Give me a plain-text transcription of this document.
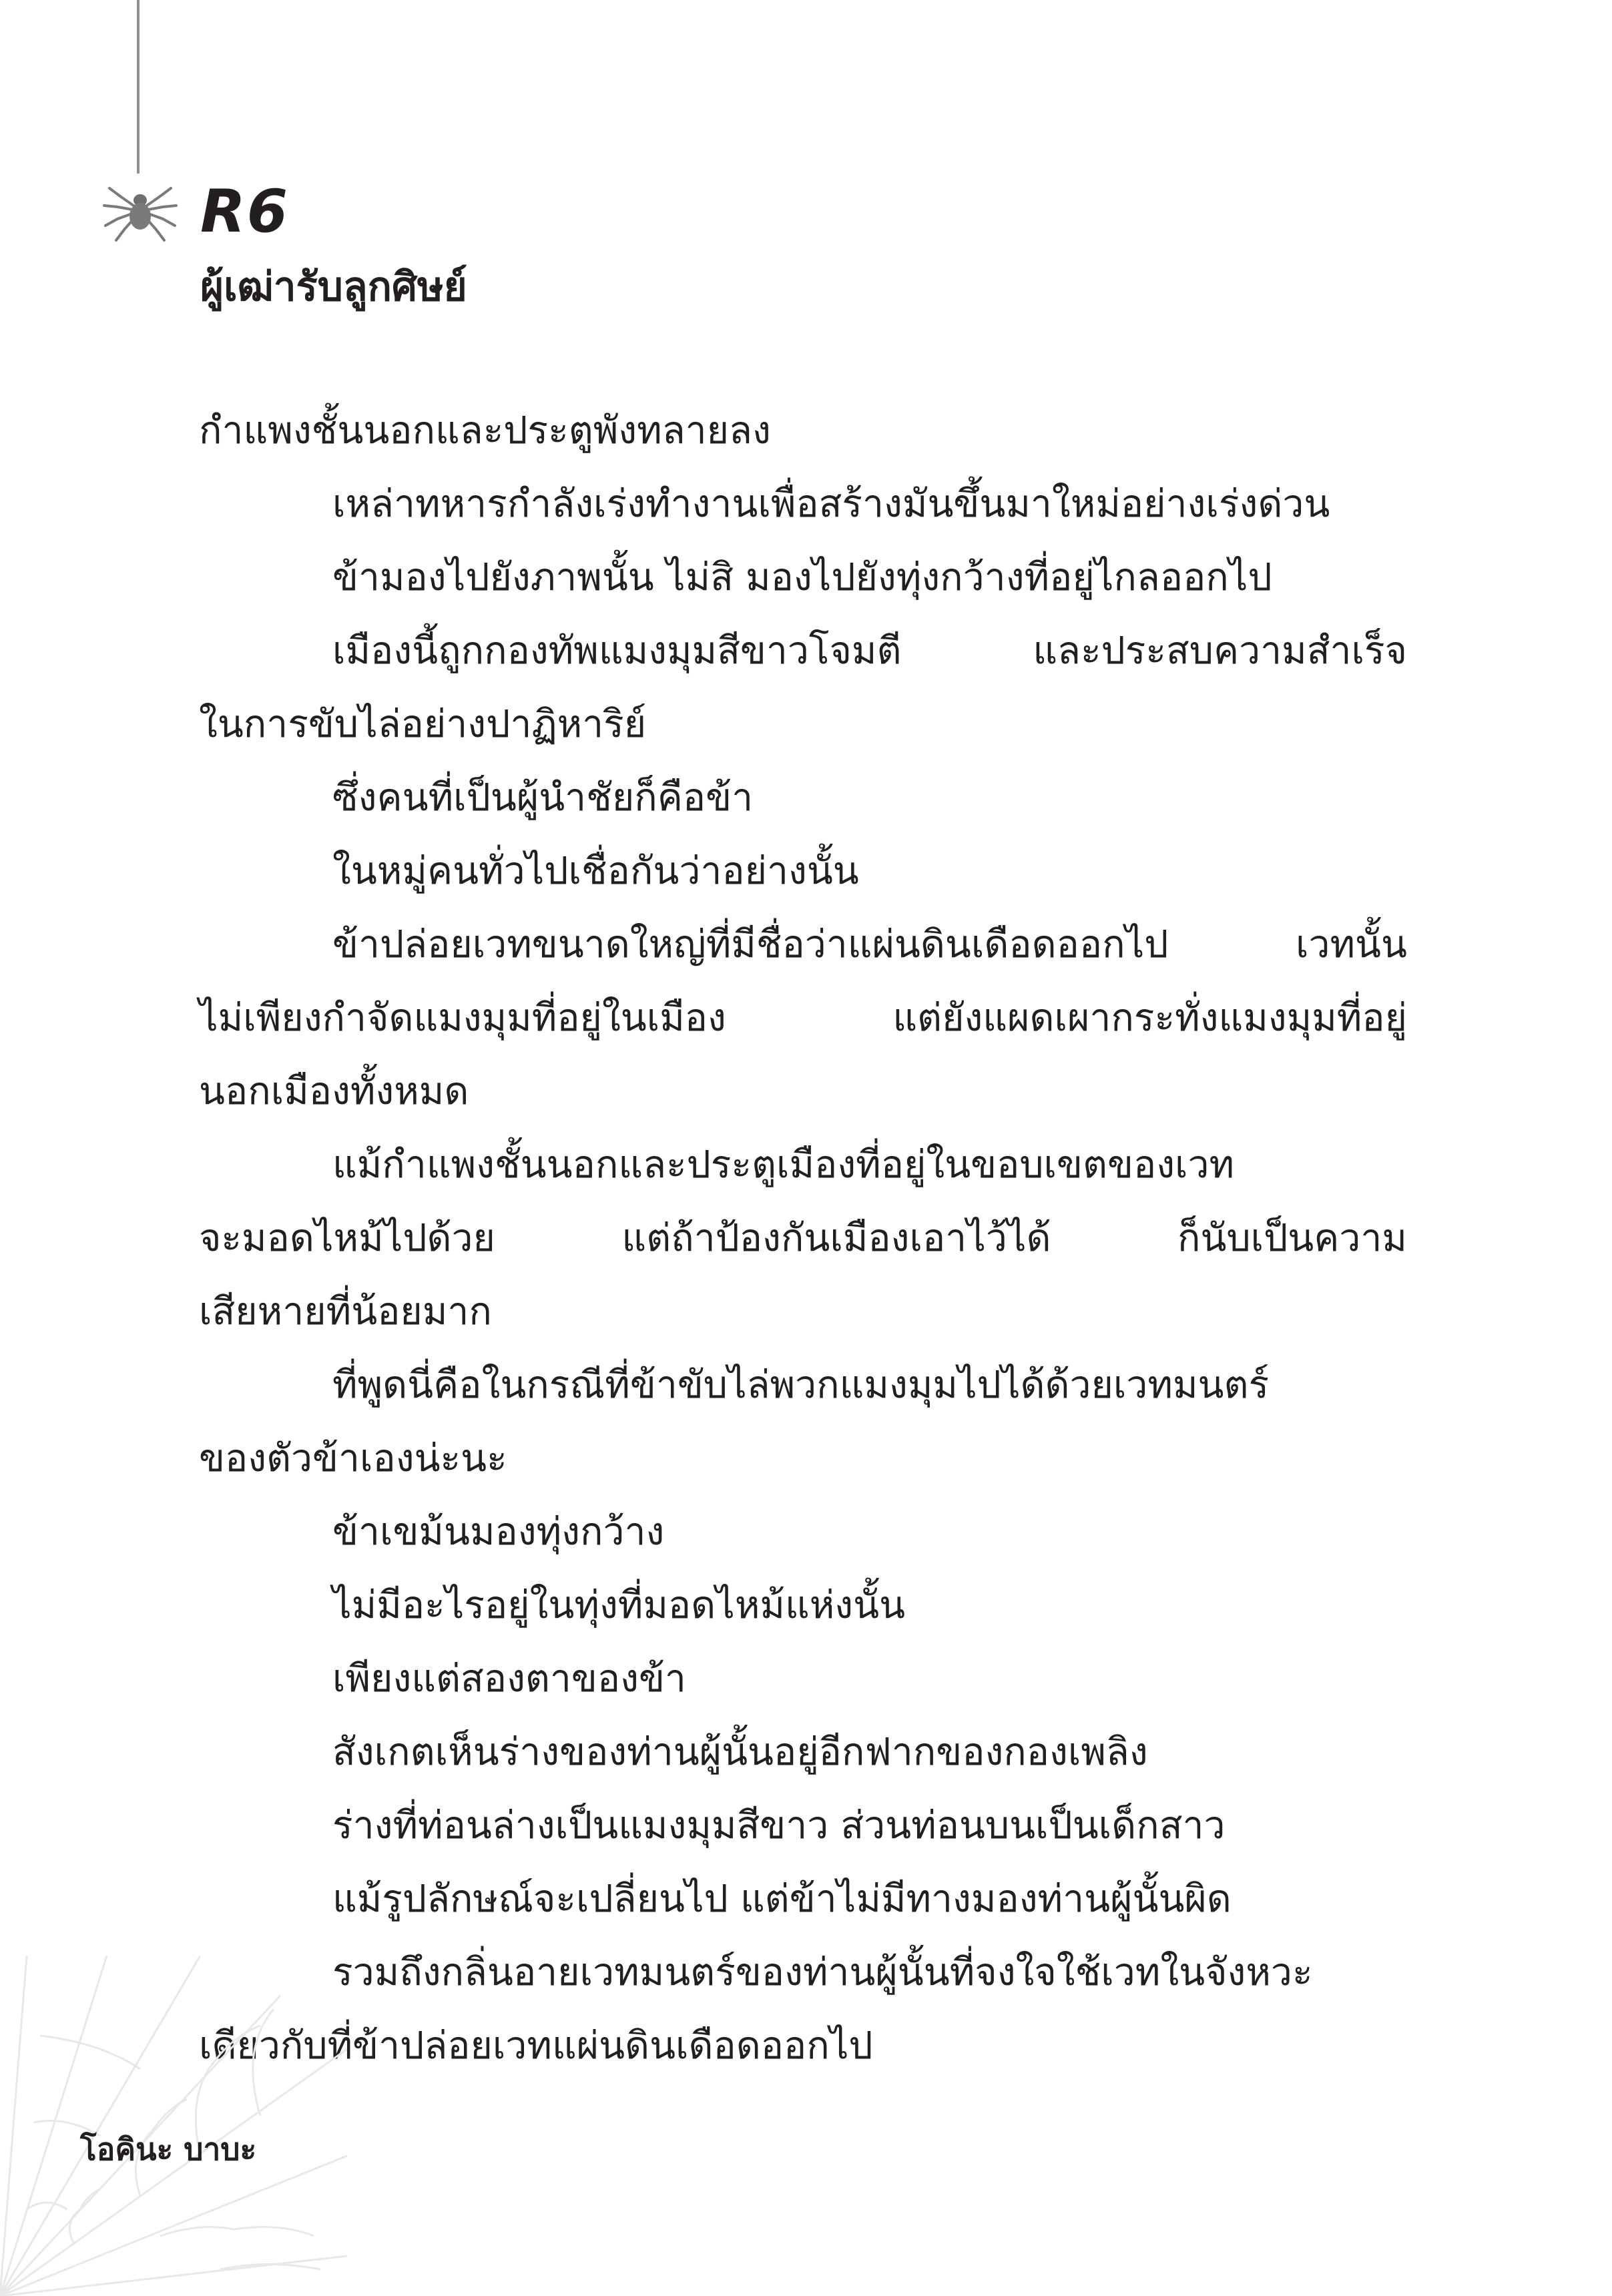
R6
ผู้เฒ่ารับลูกศิษย์
กำแพงชั้นนอกและประตูพังทลายลง
เหล่าทหารกำลังเร่งทำงานเพื่อสร้างมันขึ้นมาใหม่อย่างเร่งด่วน
ข้ามองไปยังภาพนั้น ไม่สิ มองไปยังทุ่งกว้างที่อยู่ไกลออกไป
เมืองนี้ถูกกองทัพแมงมุมสีขาวโจมตี และประสบความสำเร็จ
ในการขับไล่อย่างปาฏิหาริย์
ซึ่งคนที่เป็นผู้นำชัยก็คือข้า
ในหมู่คนทั่วไปเชื่อกันว่าอย่างนั้น
ข้าปล่อยเวทขนาดใหญ่ที่มีชื่อว่าแผ่นดินเดือดออกไป เวทนั้น
ไม่เพียงกำจัดแมงมุมที่อยู่ในเมือง แต่ยังแผดเผากระทั่งแมงมุมที่อยู่
นอกเมืองทั้งหมด
แม้กำแพงชั้นนอกและประตูเมืองที่อยู่ในขอบเขตของเวท
จะมอดไหม้ไปด้วย แต่ถ้าป้องกันเมืองเอาไว้ได้ ก็นับเป็นความ
เสียหายที่น้อยมาก
ที่พูดนี่คือในกรณีที่ข้าขับไล่พวกแมงมุมไปได้ด้วยเวทมนตร์
ของตัวข้าเองน่ะนะ
ข้าเขม้นมองทุ่งกว้าง
ไม่มีอะไรอยู่ในทุ่งที่มอดไหม้แห่งนั้น
เพียงแต่สองตาของข้า
สังเกตเห็นร่างของท่านผู้นั้นอยู่อีกฟากของกองเพลิง
ร่างที่ท่อนล่างเป็นแมงมุมสีขาว ส่วนท่อนบนเป็นเด็กสาว
แม้รูปลักษณ์จะเปลี่ยนไป แต่ข้าไม่มีทางมองท่านผู้นั้นผิด
รวมถึงกลิ่นอายเวทมนตร์ของท่านผู้นั้นที่จงใจใช้เวทในจังหวะ
เดียวกับที่ข้าปล่อยเวทแผ่นดินเดือดออกไป
โอคินะ บาบะ
